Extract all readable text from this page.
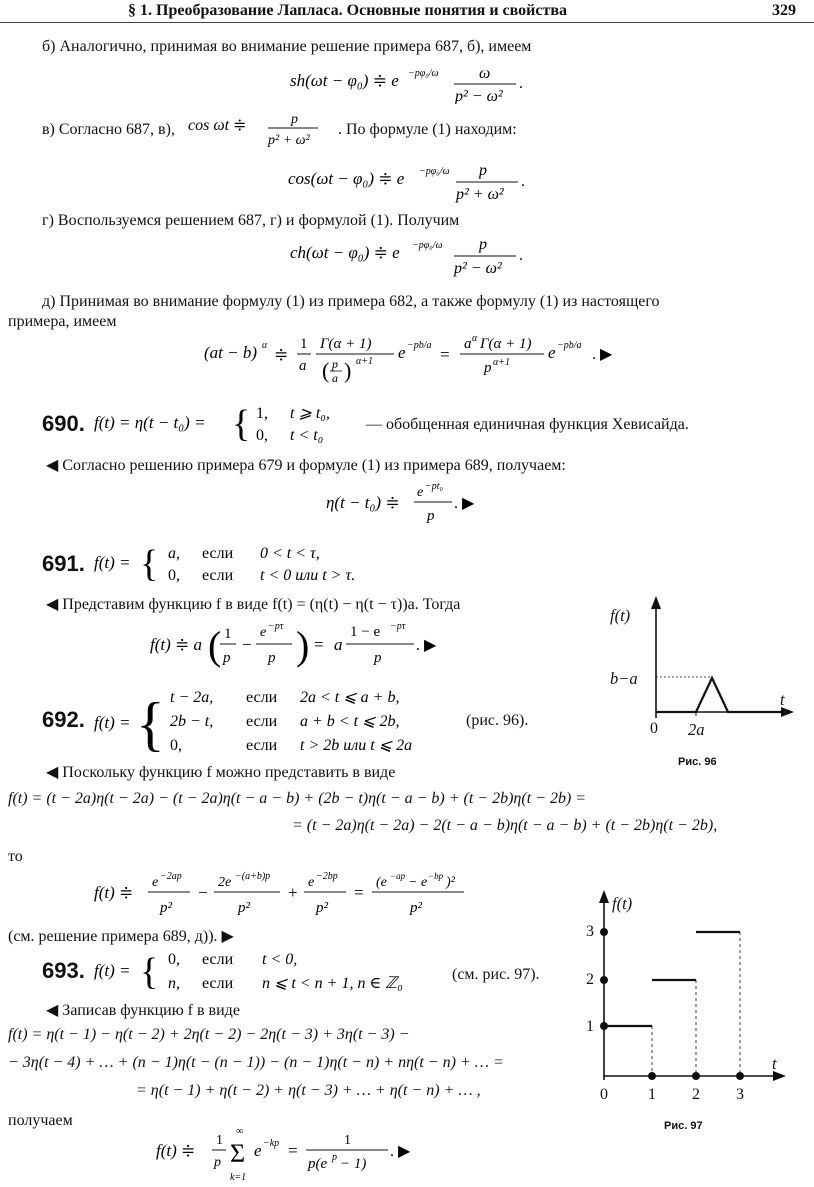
§ 1. Преобразование Лапласа. Основные понятия и свойства	329
б) Аналогично, принимая во внимание решение примера 687, б), имеем
sh(ωt − φ₀) ≑ e −pφ₀/ω	ω
p² − ω²
.
в) Согласно 687, в), cos ωt ≑	p
p² + ω²
. По формуле (1) находим:
cos(ωt − φ₀) ≑ e −pφ₀/ω p
p² + ω²
.
г) Воспользуемся решением 687, г) и формулой (1). Получим
ch(ωt − φ₀) ≑ e −pφ₀/ω p
p² − ω²
.
д) Принимая во внимание формулу (1) из примера 682, а также формулу (1) из настоящего
примера, имеем
(at − b) α ≑
1
a
Γ(α + 1)
( p
a ) α+1 e −pb/a =
a α Γ(α + 1)
p α+1
e −pb/a
. ▶
690. f(t) = η(t − t₀) = { 1, t ⩾ t₀,
0, t < t₀
— обобщенная единичная функция Хевисайда.
◀ Согласно решению примера 679 и формуле (1) из примера 689, получаем:
η(t − t₀) ≑
e −pt₀
p
. ▶
691. f(t) = { a, если 0 < t < τ,
0, если t < 0 или t > τ.
◀ Представим функцию f в виде f(t) = (η(t) − η(t − τ))a. Тогда
f(t) ≑ a ( 1
p
−
e −pτ
p ) = a
1 − e −pτ
p
. ▶
f(t)
b−a
t
0 2a
Рис. 96
692. f(t) = { t − 2a, если 2a < t ⩽ a + b,
2b − t, если a + b < t ⩽ 2b,
0,	если t > 2b или t ⩽ 2a
(рис. 96).
◀ Поскольку функцию f можно представить в виде
f(t) = (t − 2a)η(t − 2a) − (t − 2a)η(t − a − b) + (2b − t)η(t − a − b) + (t − 2b)η(t − 2b) =
= (t − 2a)η(t − 2a) − 2(t − a − b)η(t − a − b) + (t − 2b)η(t − 2b),
то
f(t) ≑
e −2ap
p²
−
2e −(a+b)p
p²
+
e −2bp
p²
=
(e −ap − e −bp )²
p²
(см. решение примера 689, д)). ▶
693. f(t) = { 0, если t < 0,
n, если n ⩽ t < n + 1, n ∈ ℤ₀
(см. рис. 97).
◀ Записав функцию f в виде
f(t) = η(t − 1) − η(t − 2) + 2η(t − 2) − 2η(t − 3) + 3η(t − 3) −
− 3η(t − 4) + … + (n − 1)η(t − (n − 1)) − (n − 1)η(t − n) + nη(t − n) + … =
= η(t − 1) + η(t − 2) + η(t − 3) + … + η(t − n) + … ,
получаем
f(t) ≑
1
p
∞
Σ
k=1
e −kp =
1
p(e p − 1)
. ▶
f(t)
3
2
1
t
0	1 2 3
Рис. 97
